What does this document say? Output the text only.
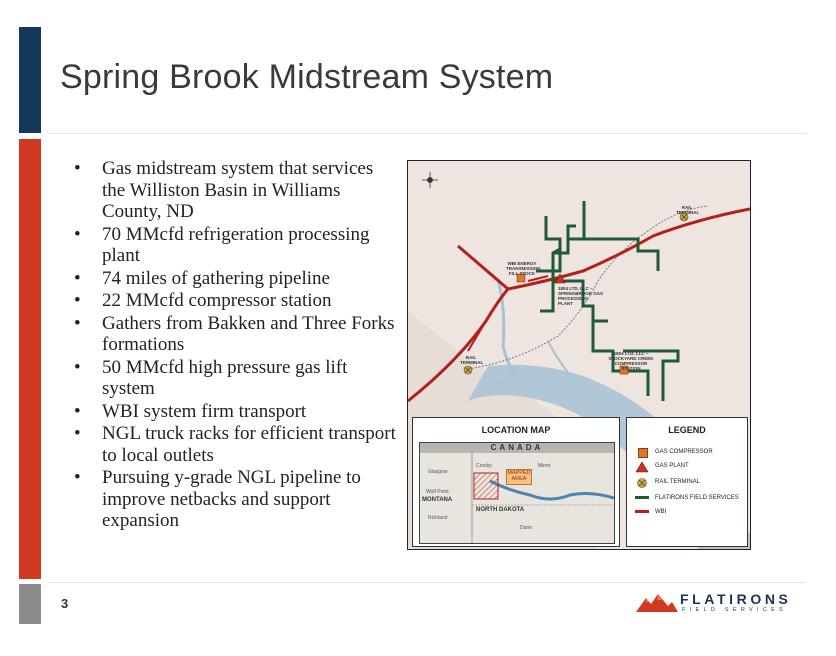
Spring Brook Midstream System
• Gas midstream system that services the Williston Basin in Williams County, ND
• 70 MMcfd refrigeration processing plant
• 74 miles of gathering pipeline
• 22 MMcfd compressor station
• Gathers from Bakken and Three Forks formations
• 50 MMcfd high pressure gas lift system
• WBI system firm transport
• NGL truck racks for efficient transport to local outlets
• Pursuing y-grade NGL pipeline to improve netbacks and support expansion
WBI ENERGY TRANSMISSION FILL STOCK
1804 LTD, LLC – SPRINGBROOK GAS PROCESSING PLANT
1804 LTD, LLC – STOCKYARD CREEK COMPRESSOR STATION
RAIL TERMINAL
RAIL TERMINAL
LOCATION MAP
CANADA
Glasgow
Crosby	Minot
Wolf Point
MONTANA
NORTH DAKOTA
Richland
Dunn
MAPPED AREA
LEGEND
GAS COMPRESSOR
GAS PLANT
RAIL TERMINAL
FLATIRONS FIELD SERVICES
WBI
3	FLATIRONS
FIELD SERVICES
